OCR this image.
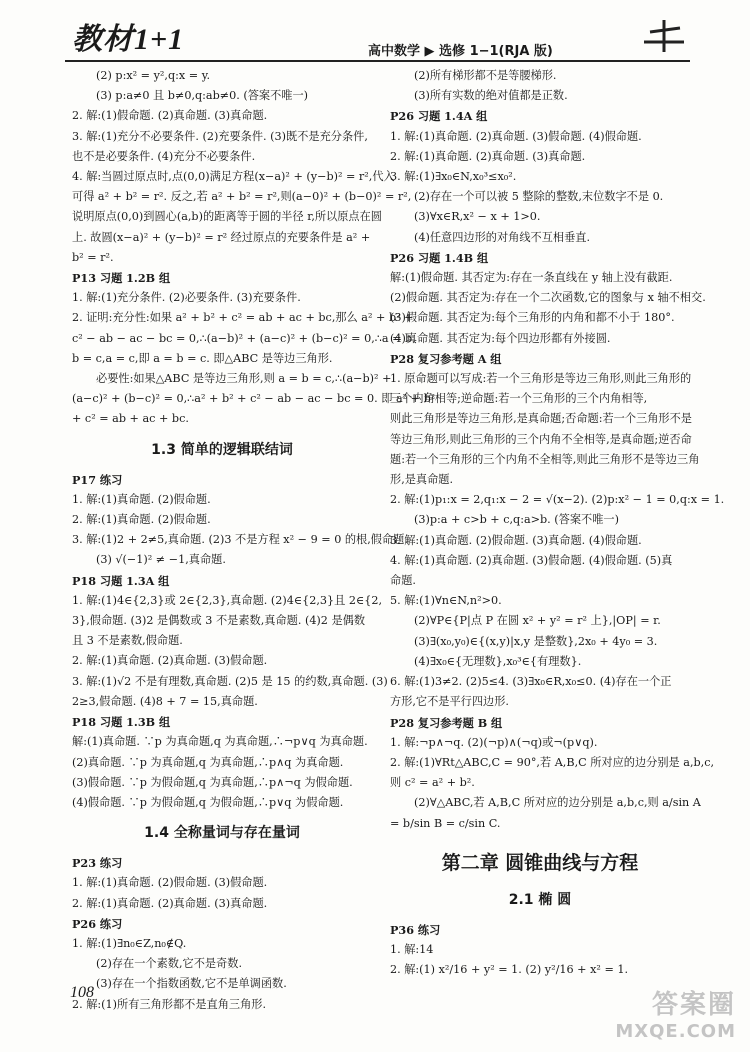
教材1+1	高中数学 ▶ 选修 1−1(RJA 版)
(2) p:x² = y²,q:x = y.
(3) p:a≠0 且 b≠0,q:ab≠0. (答案不唯一)
2. 解:(1)假命题. (2)真命题. (3)真命题.
3. 解:(1)充分不必要条件. (2)充要条件. (3)既不是充分条件,
也不是必要条件. (4)充分不必要条件.
4. 解:当圆过原点时,点(0,0)满足方程(x−a)² + (y−b)² = r²,代入
可得 a² + b² = r². 反之,若 a² + b² = r²,则(a−0)² + (b−0)² = r²,
说明原点(0,0)到圆心(a,b)的距离等于圆的半径 r,所以原点在圆
上. 故圆(x−a)² + (y−b)² = r² 经过原点的充要条件是 a² +
b² = r².
P13 习题 1.2B 组
1. 解:(1)充分条件. (2)必要条件. (3)充要条件.
2. 证明:充分性:如果 a² + b² + c² = ab + ac + bc,那么 a² + b² +
c² − ab − ac − bc = 0,∴(a−b)² + (a−c)² + (b−c)² = 0,∴a = b,
b = c,a = c,即 a = b = c. 即△ABC 是等边三角形.
必要性:如果△ABC 是等边三角形,则 a = b = c,∴(a−b)² +
(a−c)² + (b−c)² = 0,∴a² + b² + c² − ab − ac − bc = 0. 即 a² + b²
+ c² = ab + ac + bc.
1.3 简单的逻辑联结词
P17 练习
1. 解:(1)真命题. (2)假命题.
2. 解:(1)真命题. (2)假命题.
3. 解:(1)2 + 2≠5,真命题. (2)3 不是方程 x² − 9 = 0 的根,假命题.
(3) √(−1)² ≠ −1,真命题.
P18 习题 1.3A 组
1. 解:(1)4∈{2,3}或 2∈{2,3},真命题. (2)4∈{2,3}且 2∈{2,
3},假命题. (3)2 是偶数或 3 不是素数,真命题. (4)2 是偶数
且 3 不是素数,假命题.
2. 解:(1)真命题. (2)真命题. (3)假命题.
3. 解:(1)√2 不是有理数,真命题. (2)5 是 15 的约数,真命题. (3)
2≥3,假命题. (4)8 + 7 = 15,真命题.
P18 习题 1.3B 组
解:(1)真命题. ∵p 为真命题,q 为真命题,∴¬p∨q 为真命题.
(2)真命题. ∵p 为真命题,q 为真命题,∴p∧q 为真命题.
(3)假命题. ∵p 为假命题,q 为真命题,∴p∧¬q 为假命题.
(4)假命题. ∵p 为假命题,q 为假命题,∴p∨q 为假命题.
1.4 全称量词与存在量词
P23 练习
1. 解:(1)真命题. (2)假命题. (3)假命题.
2. 解:(1)真命题. (2)真命题. (3)真命题.
P26 练习
1. 解:(1)∃n₀∈Z,n₀∉Q.
(2)存在一个素数,它不是奇数.
(3)存在一个指数函数,它不是单调函数.
2. 解:(1)所有三角形都不是直角三角形.
(2)所有梯形都不是等腰梯形.
(3)所有实数的绝对值都是正数.
P26 习题 1.4A 组
1. 解:(1)真命题. (2)真命题. (3)假命题. (4)假命题.
2. 解:(1)真命题. (2)真命题. (3)真命题.
3. 解:(1)∃x₀∈N,x₀³≤x₀².
(2)存在一个可以被 5 整除的整数,末位数字不是 0.
(3)∀x∈R,x² − x + 1>0.
(4)任意四边形的对角线不互相垂直.
P26 习题 1.4B 组
解:(1)假命题. 其否定为:存在一条直线在 y 轴上没有截距.
(2)假命题. 其否定为:存在一个二次函数,它的图象与 x 轴不相交.
(3)假命题. 其否定为:每个三角形的内角和都不小于 180°.
(4)真命题. 其否定为:每个四边形都有外接圆.
P28 复习参考题 A 组
1. 原命题可以写成:若一个三角形是等边三角形,则此三角形的
三个内角相等;逆命题:若一个三角形的三个内角相等,
则此三角形是等边三角形,是真命题;否命题:若一个三角形不是
等边三角形,则此三角形的三个内角不全相等,是真命题;逆否命
题:若一个三角形的三个内角不全相等,则此三角形不是等边三角
形,是真命题.
2. 解:(1)p₁:x = 2,q₁:x − 2 = √(x−2). (2)p:x² − 1 = 0,q:x = 1.
(3)p:a + c>b + c,q:a>b. (答案不唯一)
3. 解:(1)真命题. (2)假命题. (3)真命题. (4)假命题.
4. 解:(1)真命题. (2)真命题. (3)假命题. (4)假命题. (5)真
命题.
5. 解:(1)∀n∈N,n²>0.
(2)∀P∈{P|点 P 在圆 x² + y² = r² 上},|OP| = r.
(3)∃(x₀,y₀)∈{(x,y)|x,y 是整数},2x₀ + 4y₀ = 3.
(4)∃x₀∈{无理数},x₀³∈{有理数}.
6. 解:(1)3≠2. (2)5≤4. (3)∃x₀∈R,x₀≤0. (4)存在一个正
方形,它不是平行四边形.
P28 复习参考题 B 组
1. 解:¬p∧¬q. (2)(¬p)∧(¬q)或¬(p∨q).
2. 解:(1)∀Rt△ABC,C = 90°,若 A,B,C 所对应的边分别是 a,b,c,
则 c² = a² + b².
(2)∀△ABC,若 A,B,C 所对应的边分别是 a,b,c,则 a/sin A
= b/sin B = c/sin C.
第二章 圆锥曲线与方程
2.1 椭 圆
P36 练习
1. 解:14
2. 解:(1) x²/16 + y² = 1. (2) y²/16 + x² = 1.
108	答案圈
MXQE.COM
